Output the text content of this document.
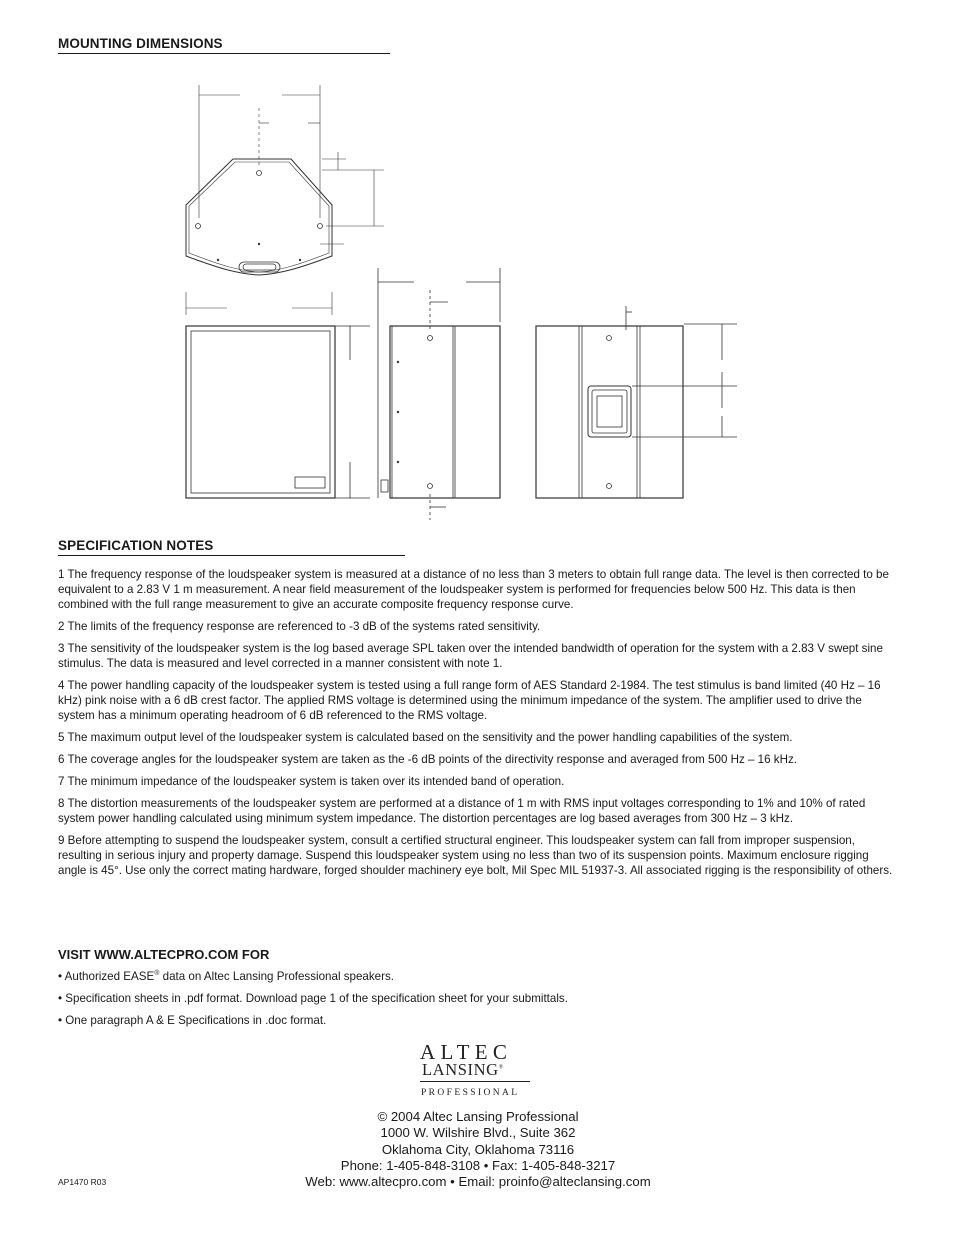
MOUNTING DIMENSIONS
SPECIFICATION NOTES

1 The frequency response of the loudspeaker system is measured at a distance of no less than 3 meters to obtain full range data. The level is then corrected to be equivalent to a 2.83 V 1 m measurement. A near field measurement of the loudspeaker system is performed for frequencies below 500 Hz. This data is then combined with the full range measurement to give an accurate composite frequency response curve.

2 The limits of the frequency response are referenced to -3 dB of the systems rated sensitivity.

3 The sensitivity of the loudspeaker system is the log based average SPL taken over the intended bandwidth of operation for the system with a 2.83 V swept sine stimulus. The data is measured and level corrected in a manner consistent with note 1.

4 The power handling capacity of the loudspeaker system is tested using a full range form of AES Standard 2-1984. The test stimulus is band limited (40 Hz – 16 kHz) pink noise with a 6 dB crest factor. The applied RMS voltage is determined using the minimum impedance of the system. The amplifier used to drive the system has a minimum operating headroom of 6 dB referenced to the RMS voltage.

5 The maximum output level of the loudspeaker system is calculated based on the sensitivity and the power handling capabilities of the system.

6 The coverage angles for the loudspeaker system are taken as the -6 dB points of the directivity response and averaged from 500 Hz – 16 kHz.

7 The minimum impedance of the loudspeaker system is taken over its intended band of operation.

8 The distortion measurements of the loudspeaker system are performed at a distance of 1 m with RMS input voltages corresponding to 1% and 10% of rated system power handling calculated using minimum system impedance. The distortion percentages are log based averages from 300 Hz – 3 kHz.

9 Before attempting to suspend the loudspeaker system, consult a certified structural engineer. This loudspeaker system can fall from improper suspension, resulting in serious injury and property damage. Suspend this loudspeaker system using no less than two of its suspension points. Maximum enclosure rigging angle is 45°. Use only the correct mating hardware, forged shoulder machinery eye bolt, Mil Spec MIL 51937-3. All associated rigging is the responsibility of others.

VISIT WWW.ALTECPRO.COM FOR

• Authorized EASE® data on Altec Lansing Professional speakers.

• Specification sheets in .pdf format. Download page 1 of the specification sheet for your submittals.

• One paragraph A & E Specifications in .doc format.

ALTEC
LANSING®
PROFESSIONAL
© 2004 Altec Lansing Professional
1000 W. Wilshire Blvd., Suite 362
Oklahoma City, Oklahoma 73116
Phone: 1-405-848-3108 • Fax: 1-405-848-3217
Web: www.altecpro.com • Email: proinfo@alteclansing.com
AP1470 R03
